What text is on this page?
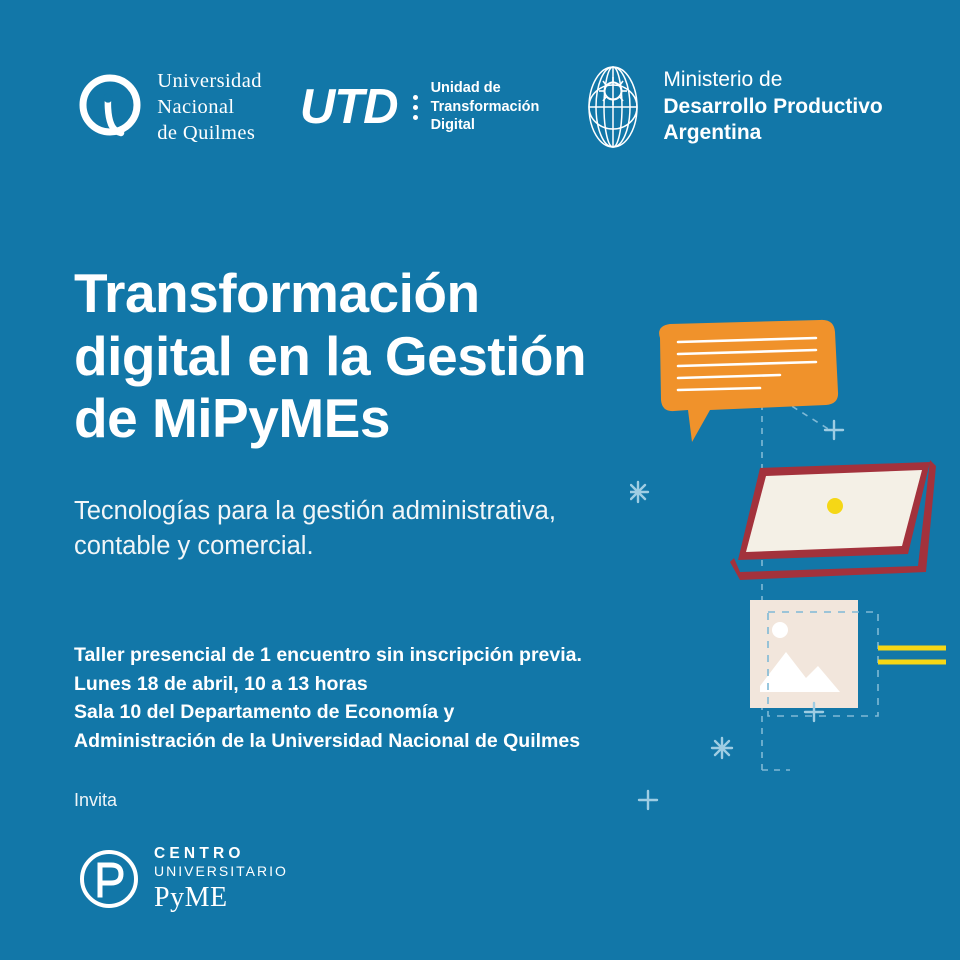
Universidad
Nacional
de Quilmes UTD Unidad de
Transformación
Digital
Ministerio de
Desarrollo Productivo
Argentina
Transformación
digital en la Gestión
de MiPyMEs
Tecnologías para la gestión administrativa,
contable y comercial.
Taller presencial de 1 encuentro sin inscripción previa.
Lunes 18 de abril, 10 a 13 horas
Sala 10 del Departamento de Economía y
Administración de la Universidad Nacional de Quilmes
Invita
CENTRO
UNIVERSITARIO
PyME
